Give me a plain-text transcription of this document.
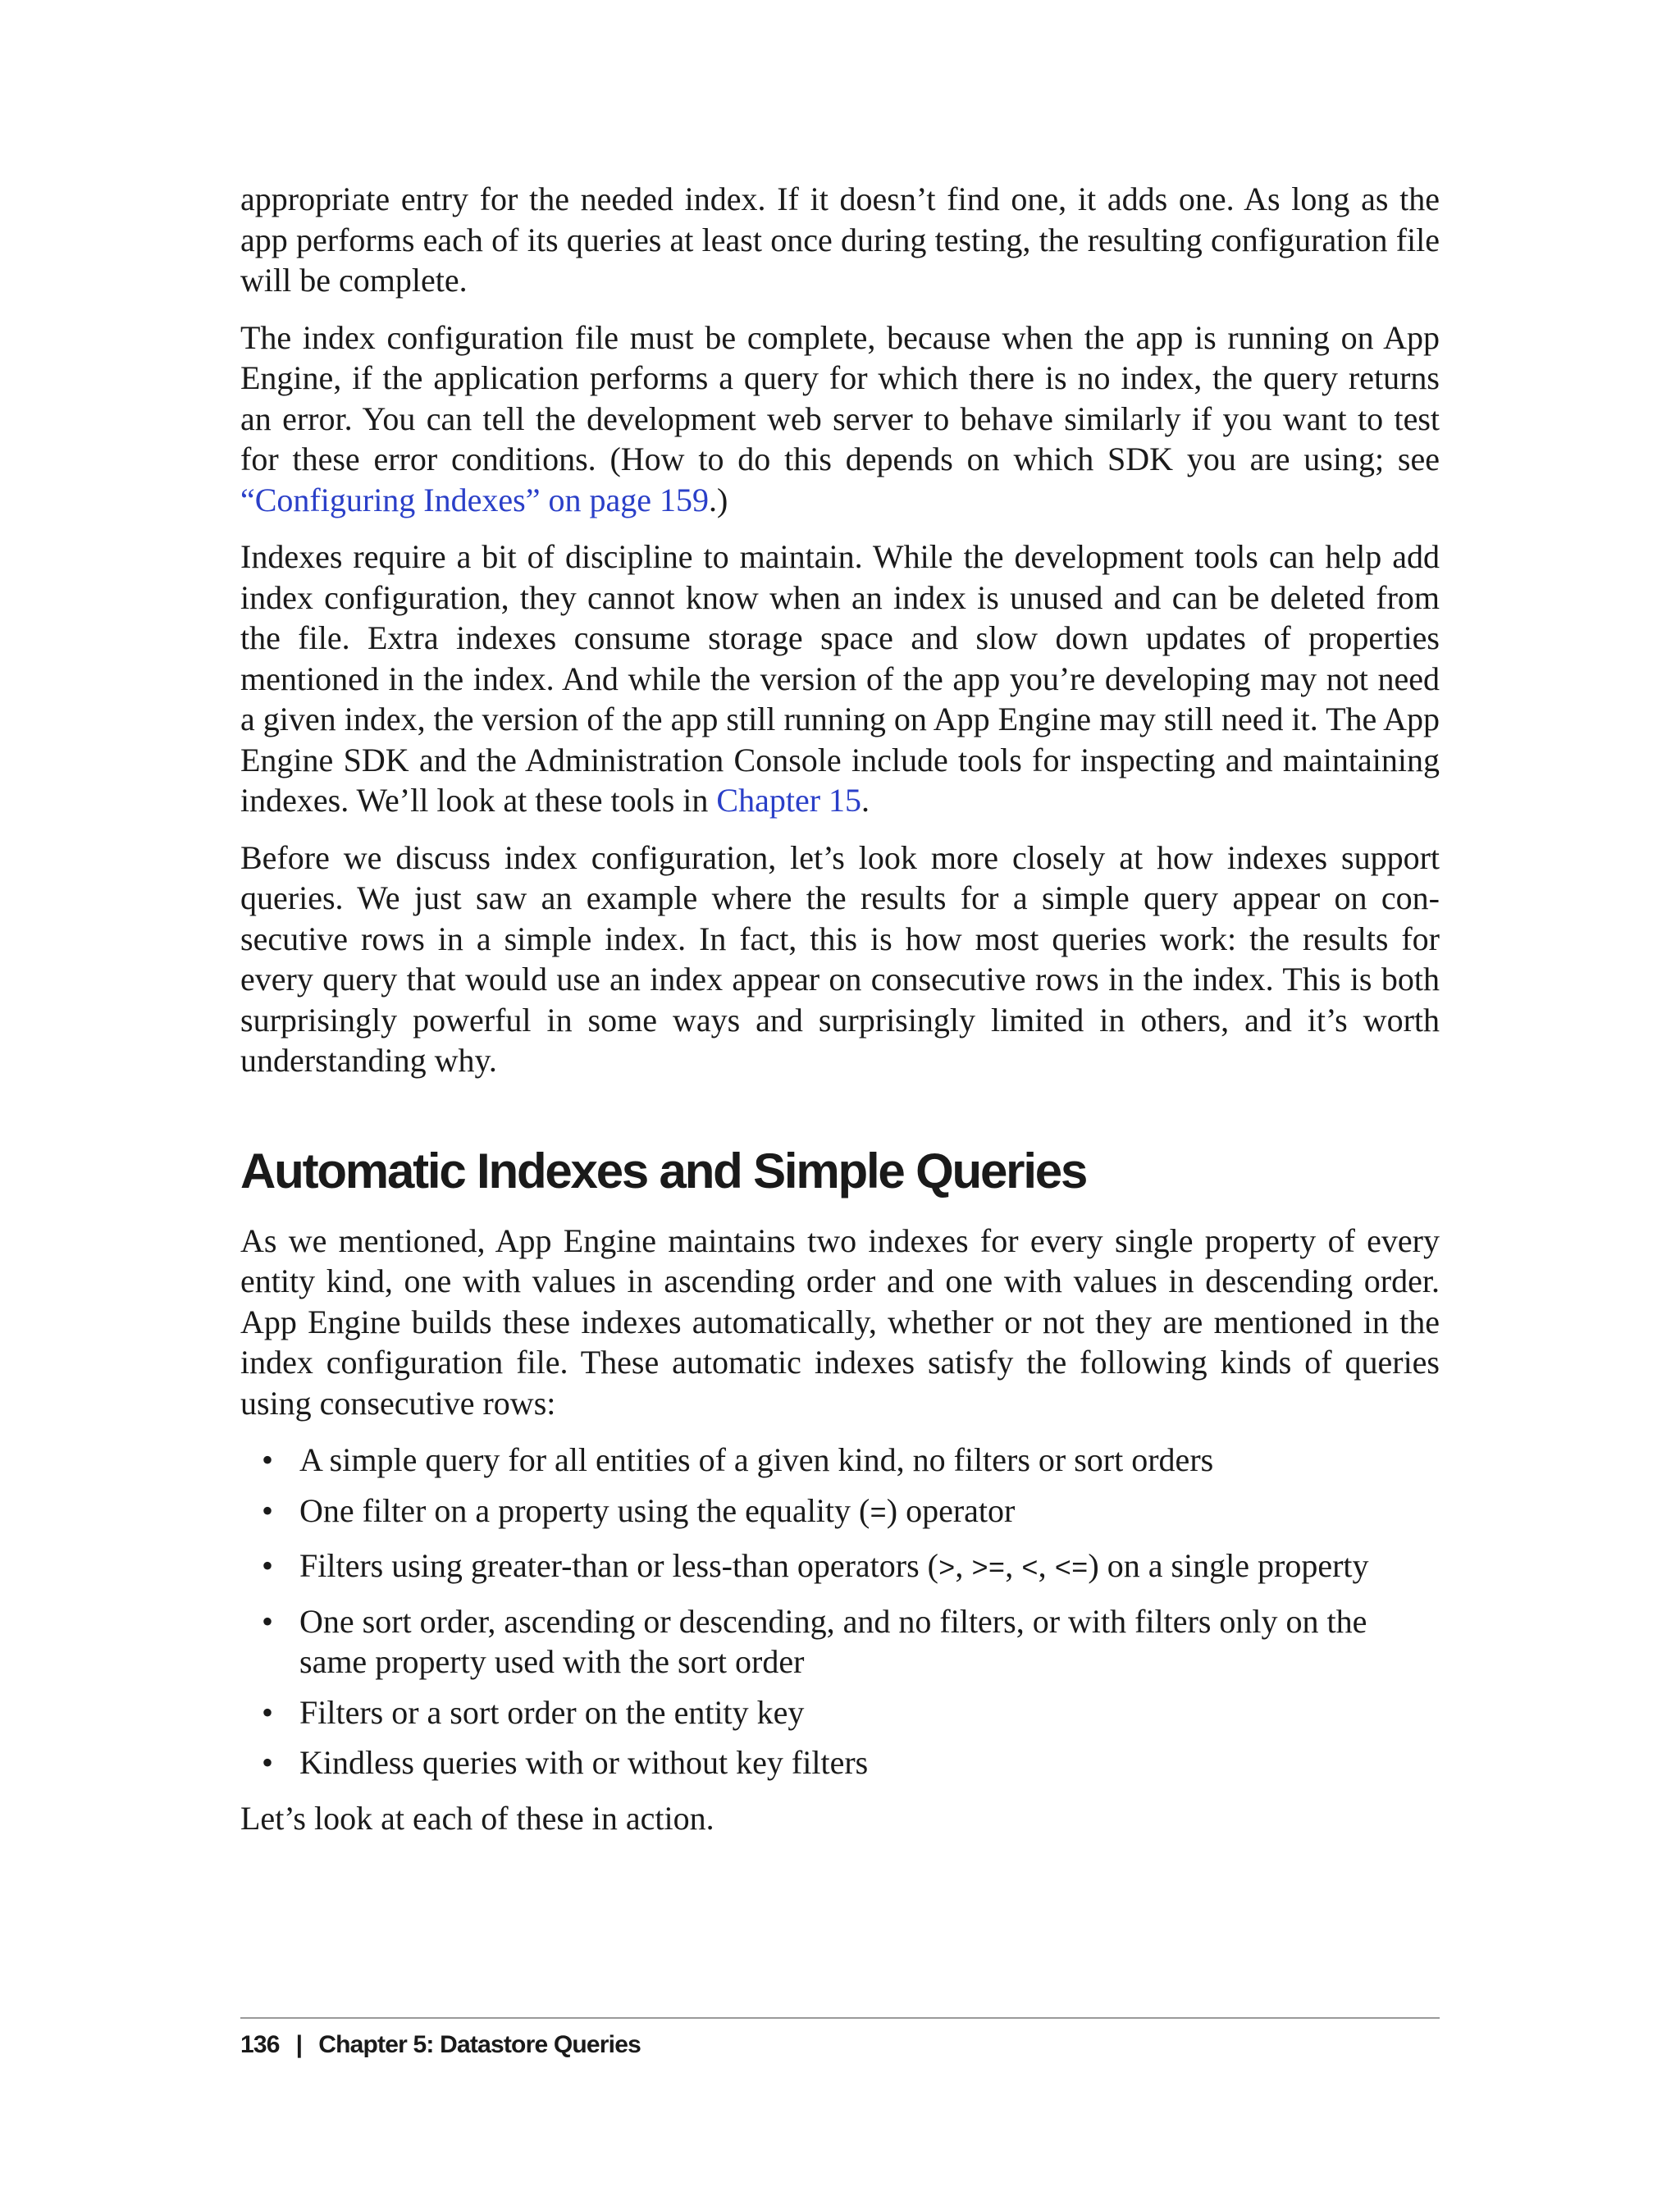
appropriate entry for the needed index. If it doesn’t find one, it adds one. As long as the app performs each of its queries at least once during testing, the resulting configuration file will be complete.

The index configuration file must be complete, because when the app is running on App Engine, if the application performs a query for which there is no index, the query returns an error. You can tell the development web server to behave similarly if you want to test for these error conditions. (How to do this depends on which SDK you are using; see “Configuring Indexes” on page 159.)

Indexes require a bit of discipline to maintain. While the development tools can help add index configuration, they cannot know when an index is unused and can be deleted from the file. Extra indexes consume storage space and slow down updates of properties mentioned in the index. And while the version of the app you’re developing may not need a given index, the version of the app still running on App Engine may still need it. The App Engine SDK and the Administration Console include tools for inspecting and maintaining indexes. We’ll look at these tools in Chapter 15.

Before we discuss index configuration, let’s look more closely at how indexes support queries. We just saw an example where the results for a simple query appear on consecutive rows in a simple index. In fact, this is how most queries work: the results for every query that would use an index appear on consecutive rows in the index. This is both surprisingly powerful in some ways and surprisingly limited in others, and it’s worth understanding why.

Automatic Indexes and Simple Queries

As we mentioned, App Engine maintains two indexes for every single property of every entity kind, one with values in ascending order and one with values in descending order. App Engine builds these indexes automatically, whether or not they are mentioned in the index configuration file. These automatic indexes satisfy the following kinds of queries using consecutive rows:

• A simple query for all entities of a given kind, no filters or sort orders
• One filter on a property using the equality (=) operator
• Filters using greater-than or less-than operators (>, >=, <, <=) on a single property
• One sort order, ascending or descending, and no filters, or with filters only on the same property used with the sort order
• Filters or a sort order on the entity key
• Kindless queries with or without key filters

Let’s look at each of these in action.

136 | Chapter 5: Datastore Queries
